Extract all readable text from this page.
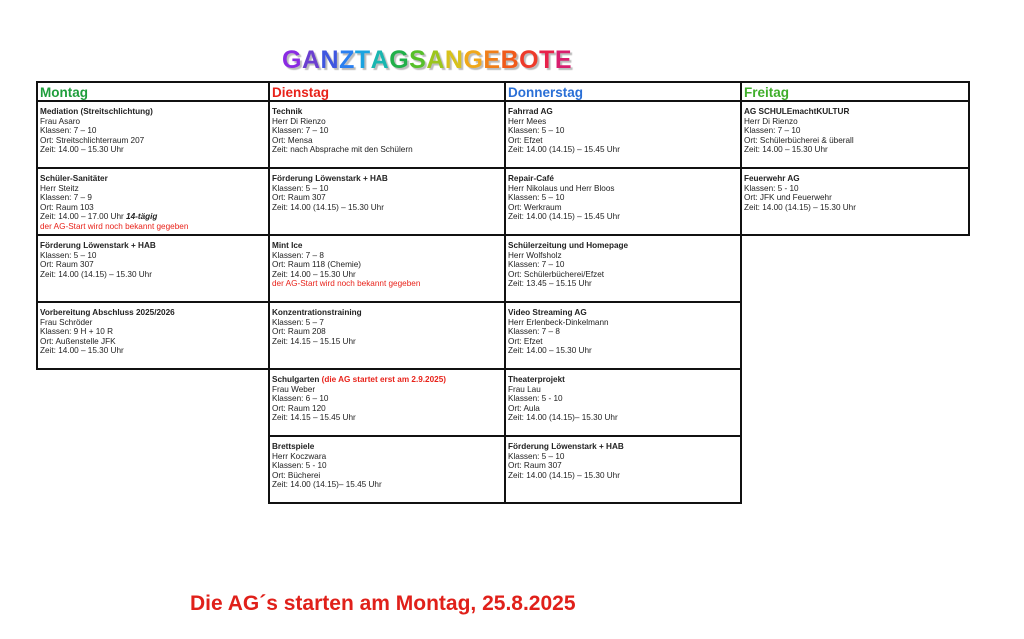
GANZTAGSANGEBOTE
Montag
Mediation (Streitschlichtung)
Frau Asaro
Klassen: 7 – 10
Ort: Streitschlichterraum 207
Zeit: 14.00 – 15.30 Uhr
Schüler-Sanitäter
Herr Steitz
Klassen: 7 – 9
Ort: Raum 103
Zeit: 14.00 – 17.00 Uhr 14-tägig
der AG-Start wird noch bekannt gegeben
Förderung Löwenstark + HAB
Klassen: 5 – 10
Ort: Raum 307
Zeit: 14.00 (14.15) – 15.30 Uhr
Vorbereitung Abschluss 2025/2026
Frau Schröder
Klassen: 9 H + 10 R
Ort: Außenstelle JFK
Zeit: 14.00 – 15.30 Uhr
Dienstag
Technik
Herr Di Rienzo
Klassen: 7 – 10
Ort: Mensa
Zeit: nach Absprache mit den Schülern
Förderung Löwenstark + HAB
Klassen: 5 – 10
Ort: Raum 307
Zeit: 14.00 (14.15) – 15.30 Uhr
Mint Ice
Klassen: 7 – 8
Ort: Raum 118 (Chemie)
Zeit: 14.00 – 15.30 Uhr
der AG-Start wird noch bekannt gegeben
Konzentrationstraining
Klassen: 5 – 7
Ort: Raum 208
Zeit: 14.15 – 15.15 Uhr
Schulgarten (die AG startet erst am 2.9.2025)
Frau Weber
Klassen: 6 – 10
Ort: Raum 120
Zeit: 14.15 – 15.45 Uhr
Brettspiele
Herr Koczwara
Klassen: 5 - 10
Ort: Bücherei
Zeit: 14.00 (14.15)– 15.45 Uhr
Donnerstag
Fahrrad AG
Herr Mees
Klassen: 5 – 10
Ort: Efzet
Zeit: 14.00 (14.15) – 15.45 Uhr
Repair-Café
Herr Nikolaus und Herr Bloos
Klassen: 5 – 10
Ort: Werkraum
Zeit: 14.00 (14.15) – 15.45 Uhr
Schülerzeitung und Homepage
Herr Wolfsholz
Klassen: 7 – 10
Ort: Schülerbücherei/Efzet
Zeit: 13.45 – 15.15 Uhr
Video Streaming AG
Herr Erlenbeck-Dinkelmann
Klassen: 7 – 8
Ort: Efzet
Zeit: 14.00 – 15.30 Uhr
Theaterprojekt
Frau Lau
Klassen: 5 - 10
Ort: Aula
Zeit: 14.00 (14.15)– 15.30 Uhr
Förderung Löwenstark + HAB
Klassen: 5 – 10
Ort: Raum 307
Zeit: 14.00 (14.15) – 15.30 Uhr
Freitag
AG SCHULEmachtKULTUR
Herr Di Rienzo
Klassen: 7 – 10
Ort: Schülerbücherei & überall
Zeit: 14.00 – 15.30 Uhr
Feuerwehr AG
Klassen: 5 - 10
Ort: JFK und Feuerwehr
Zeit: 14.00 (14.15) – 15.30 Uhr
Die AG´s starten am Montag, 25.8.2025
